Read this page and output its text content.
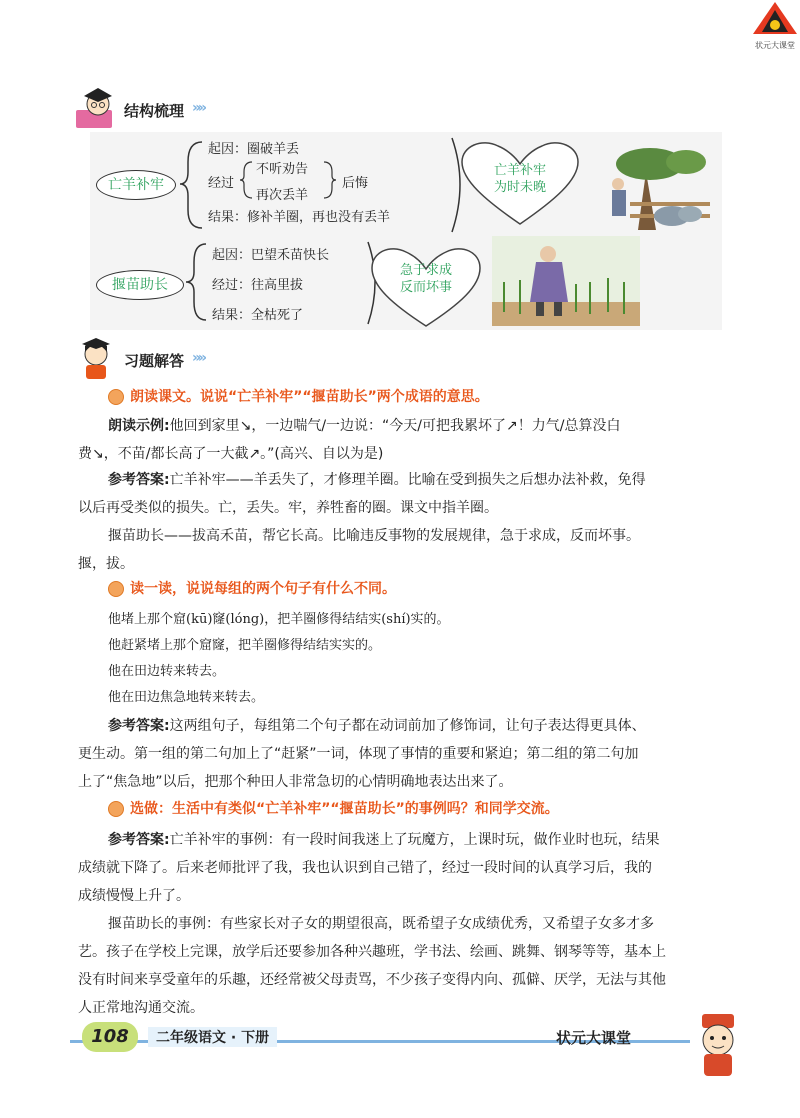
状元大课堂
结构梳理 »»
亡羊补牢
起因：圈破羊丢
经过
不听劝告
再次丢羊
后悔
结果：修补羊圈，再也没有丢羊
亡羊补牢
为时未晚
揠苗助长
起因：巴望禾苗快长
经过：往高里拔
结果：全枯死了
急于求成
反而坏事
习题解答 »»
朗读课文。说说“亡羊补牢”“揠苗助长”两个成语的意思。
朗读示例:他回到家里↘，一边喘气/一边说：“今天/可把我累坏了↗！力气/总算没白
费↘，不苗/都长高了一大截↗。”(高兴、自以为是)
参考答案:亡羊补牢——羊丢失了，才修理羊圈。比喻在受到损失之后想办法补救，免得
以后再受类似的损失。亡，丢失。牢，养牲畜的圈。课文中指羊圈。
揠苗助长——拔高禾苗，帮它长高。比喻违反事物的发展规律，急于求成，反而坏事。
揠，拔。
读一读，说说每组的两个句子有什么不同。
他堵上那个窟(kū)窿(lóng)，把羊圈修得结结实(shí)实的。
他赶紧堵上那个窟窿，把羊圈修得结结实实的。
他在田边转来转去。
他在田边焦急地转来转去。
参考答案:这两组句子，每组第二个句子都在动词前加了修饰词，让句子表达得更具体、
更生动。第一组的第二句加上了“赶紧”一词，体现了事情的重要和紧迫；第二组的第二句加
上了“焦急地”以后，把那个种田人非常急切的心情明确地表达出来了。
选做：生活中有类似“亡羊补牢”“揠苗助长”的事例吗？和同学交流。
参考答案:亡羊补牢的事例：有一段时间我迷上了玩魔方，上课时玩，做作业时也玩，结果
成绩就下降了。后来老师批评了我，我也认识到自己错了，经过一段时间的认真学习后，我的
成绩慢慢上升了。
揠苗助长的事例：有些家长对子女的期望很高，既希望子女成绩优秀，又希望子女多才多
艺。孩子在学校上完课，放学后还要参加各种兴趣班，学书法、绘画、跳舞、钢琴等等，基本上
没有时间来享受童年的乐趣，还经常被父母责骂，不少孩子变得内向、孤僻、厌学，无法与其他
人正常地沟通交流。
108	二年级语文 · 下册	状元大课堂
